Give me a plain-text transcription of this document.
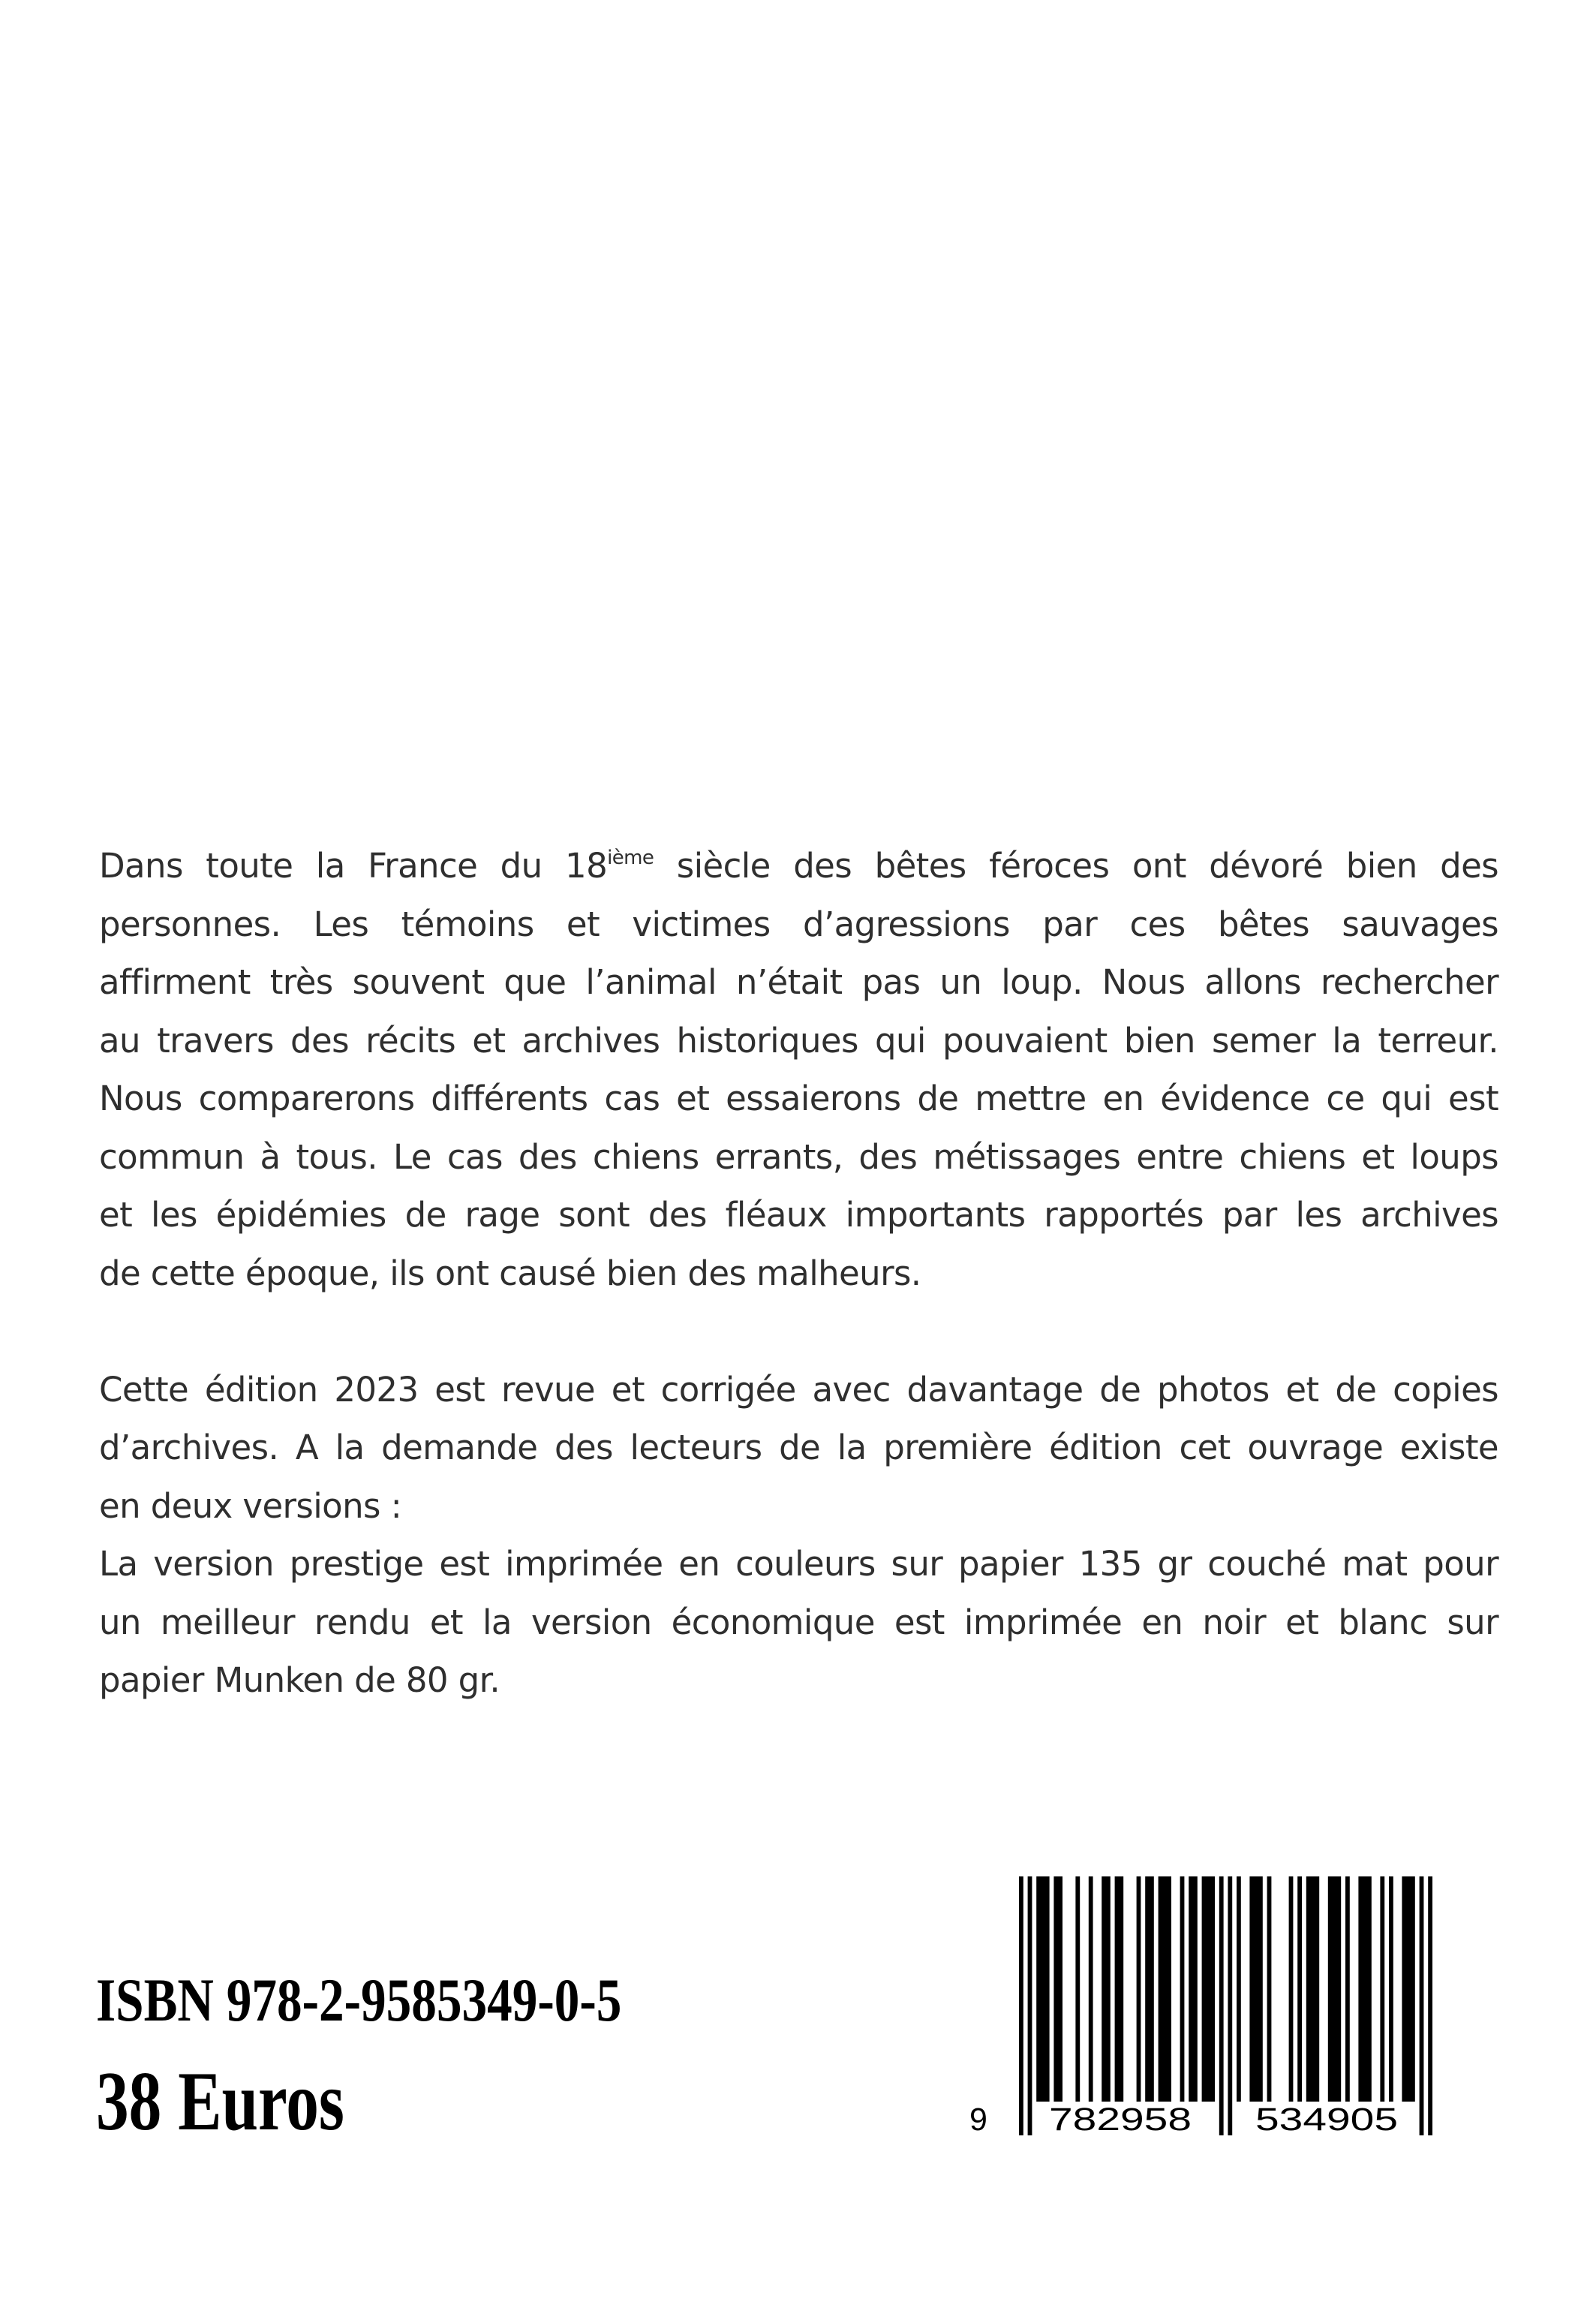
Dans toute la France du 18ième siècle des bêtes féroces ont dévoré bien des
personnes. Les témoins et victimes d’agressions par ces bêtes sauvages
affirment très souvent que l’animal n’était pas un loup. Nous allons rechercher
au travers des récits et archives historiques qui pouvaient bien semer la terreur.
Nous comparerons différents cas et essaierons de mettre en évidence ce qui est
commun à tous. Le cas des chiens errants, des métissages entre chiens et loups
et les épidémies de rage sont des fléaux importants rapportés par les archives
de cette époque, ils ont causé bien des malheurs.
Cette édition 2023 est revue et corrigée avec davantage de photos et de copies
d’archives. A la demande des lecteurs de la première édition cet ouvrage existe
en deux versions :
La version prestige est imprimée en couleurs sur papier 135 gr couché mat pour
un meilleur rendu et la version économique est imprimée en noir et blanc sur
papier Munken de 80 gr.
ISBN 978-2-9585349-0-5
38 Euros	9 782958 534905
